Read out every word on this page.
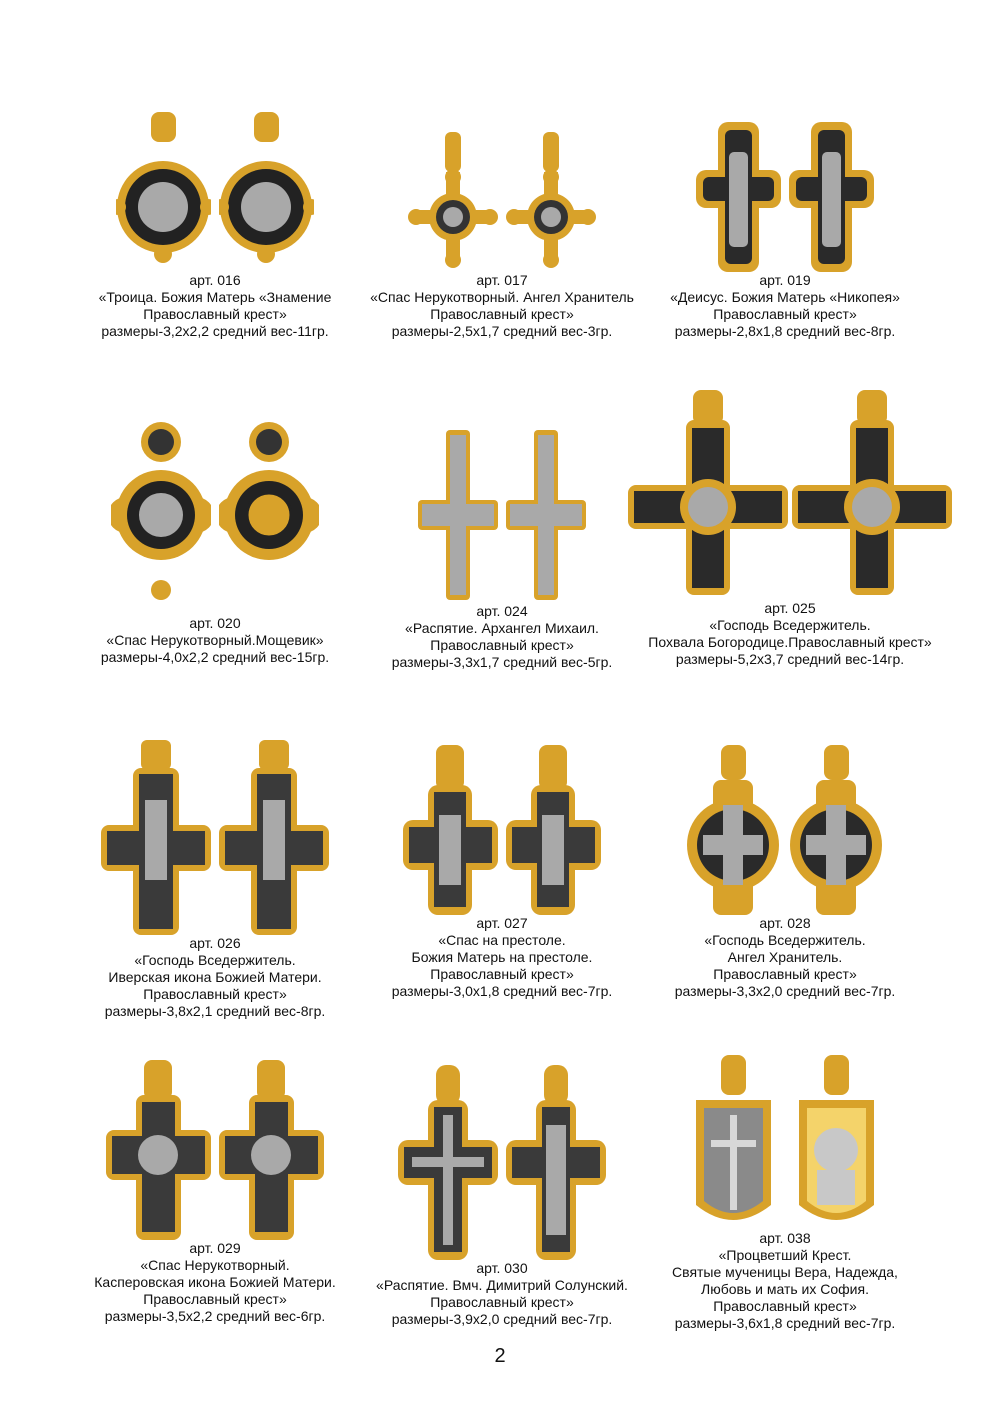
арт. 016
«Троица. Божия Матерь «Знамение
Православный крест»
размеры-3,2х2,2 средний вес-11гр.
арт. 017
«Спас Нерукотворный. Ангел Хранитель
Православный крест»
размеры-2,5х1,7 средний вес-3гр.
арт. 019
«Деисус. Божия Матерь «Никопея»
Православный крест»
размеры-2,8х1,8 средний вес-8гр.
арт. 020
«Спас Нерукотворный.Мощевик»
размеры-4,0х2,2 средний вес-15гр.
арт. 024
«Распятие. Архангел Михаил.
Православный крест»
размеры-3,3х1,7 средний вес-5гр.
арт. 025
«Господь Вседержитель.
Похвала Богородице.Православный крест»
размеры-5,2х3,7 средний вес-14гр.
арт. 026
«Господь Вседержитель.
Иверская икона Божией Матери.
Православный крест»
размеры-3,8х2,1 средний вес-8гр.
арт. 027
«Спас на престоле.
Божия Матерь на престоле.
Православный крест»
размеры-3,0х1,8 средний вес-7гр.
арт. 028
«Господь Вседержитель.
Ангел Хранитель.
Православный крест»
размеры-3,3х2,0 средний вес-7гр.
арт. 029
«Спас Нерукотворный.
Касперовская икона Божией Матери.
Православный крест»
размеры-3,5х2,2 средний вес-6гр.
арт. 030
«Распятие. Вмч. Димитрий Солунский.
Православный крест»
размеры-3,9х2,0 средний вес-7гр.
арт. 038
«Процветший Крест.
Святые мученицы Вера, Надежда,
Любовь и мать их София.
Православный крест»
размеры-3,6х1,8 средний вес-7гр.
2
